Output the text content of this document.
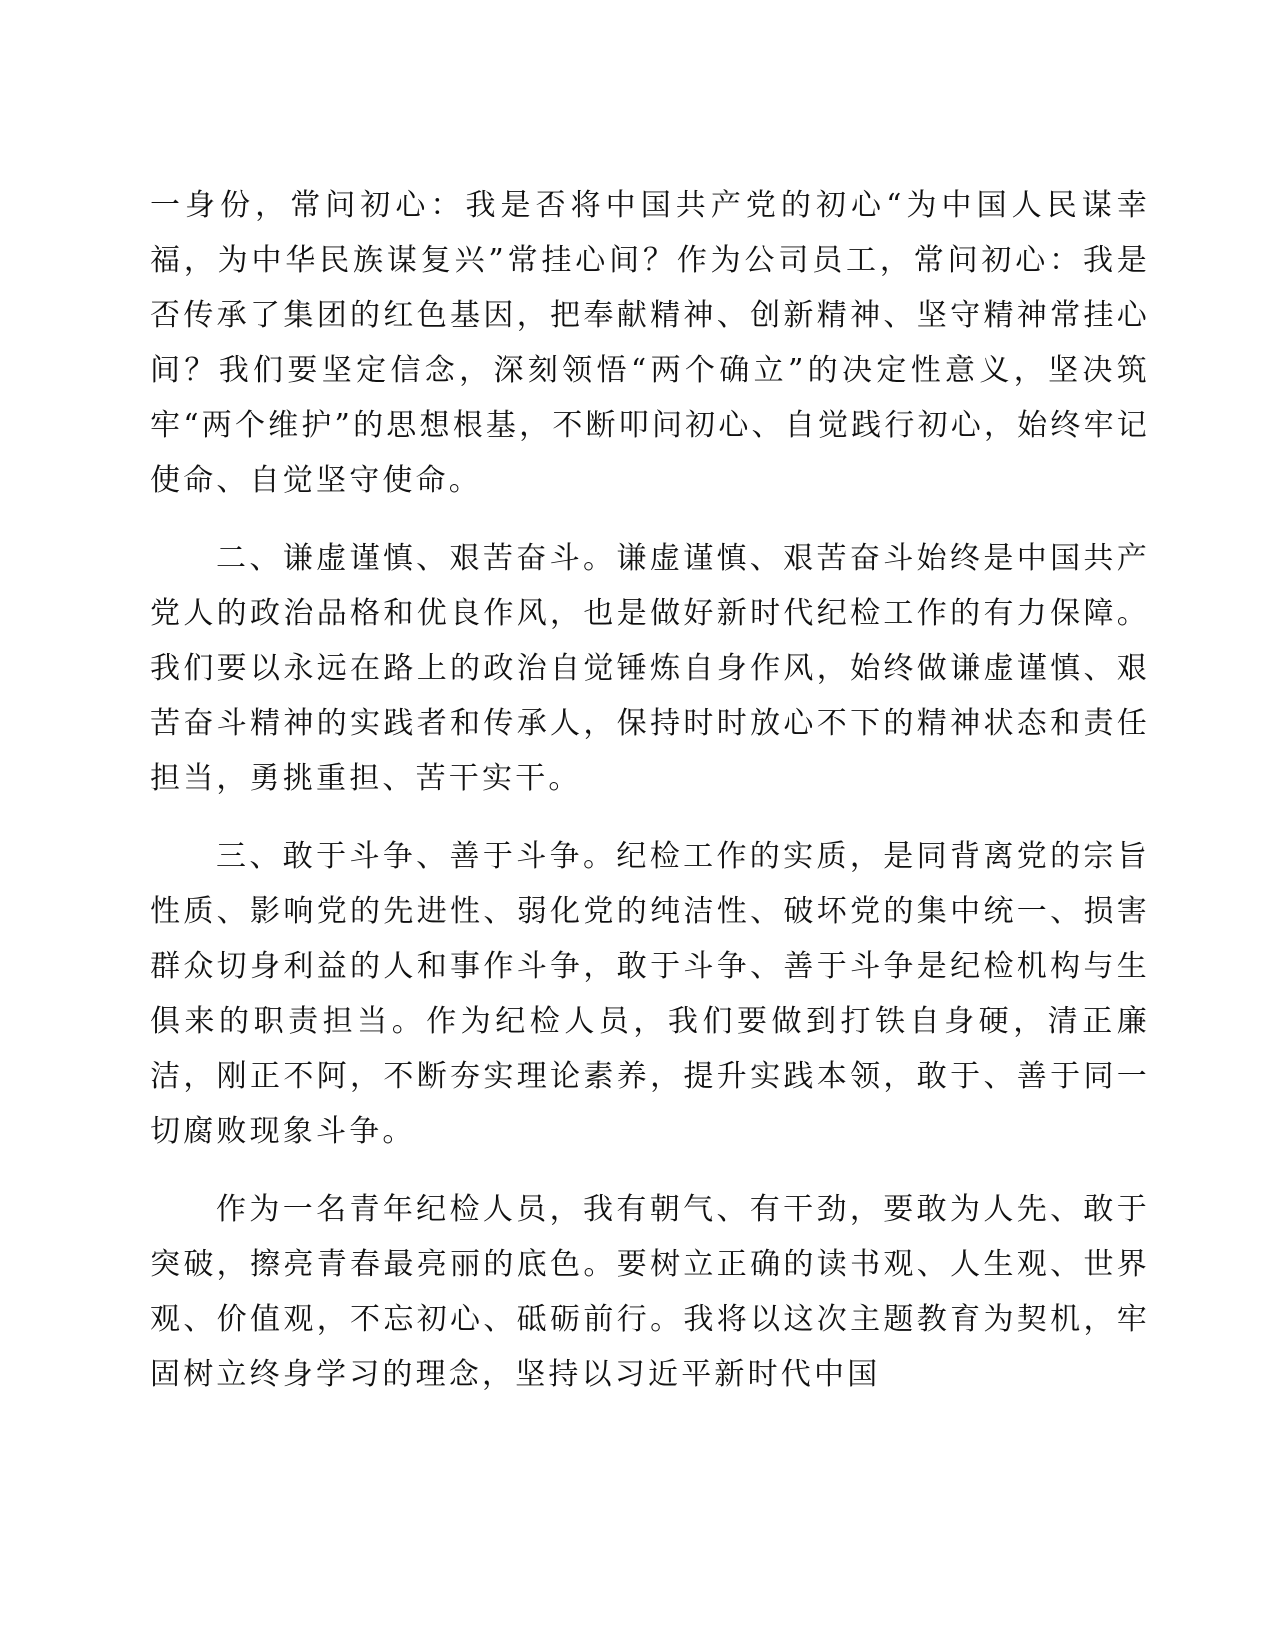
一身份，常问初心：我是否将中国共产党的初心“为中国人民谋幸福，为中华民族谋复兴”常挂心间？作为公司员工，常问初心：我是否传承了集团的红色基因，把奉献精神、创新精神、坚守精神常挂心间？我们要坚定信念，深刻领悟“两个确立”的决定性意义，坚决筑牢“两个维护”的思想根基，不断叩问初心、自觉践行初心，始终牢记使命、自觉坚守使命。

二、谦虚谨慎、艰苦奋斗。谦虚谨慎、艰苦奋斗始终是中国共产党人的政治品格和优良作风，也是做好新时代纪检工作的有力保障。我们要以永远在路上的政治自觉锤炼自身作风，始终做谦虚谨慎、艰苦奋斗精神的实践者和传承人，保持时时放心不下的精神状态和责任担当，勇挑重担、苦干实干。

三、敢于斗争、善于斗争。纪检工作的实质，是同背离党的宗旨性质、影响党的先进性、弱化党的纯洁性、破坏党的集中统一、损害群众切身利益的人和事作斗争，敢于斗争、善于斗争是纪检机构与生俱来的职责担当。作为纪检人员，我们要做到打铁自身硬，清正廉洁，刚正不阿，不断夯实理论素养，提升实践本领，敢于、善于同一切腐败现象斗争。

作为一名青年纪检人员，我有朝气、有干劲，要敢为人先、敢于突破，擦亮青春最亮丽的底色。要树立正确的读书观、人生观、世界观、价值观，不忘初心、砥砺前行。我将以这次主题教育为契机，牢固树立终身学习的理念，坚持以习近平新时代中国
